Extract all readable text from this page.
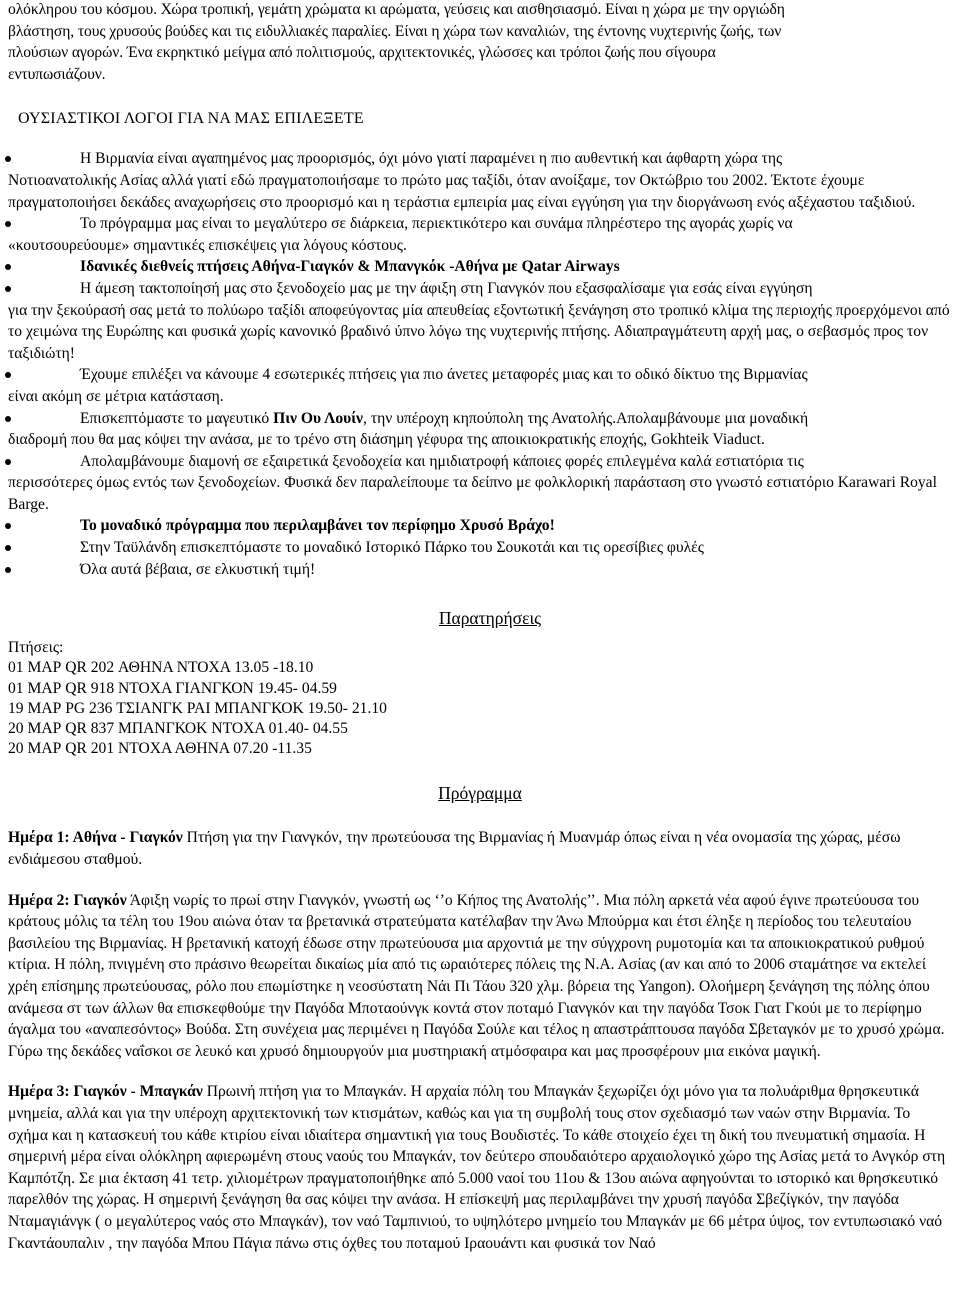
ολόκληρου του κόσμου. Χώρα τροπική, γεμάτη χρώματα κι αρώματα, γεύσεις και αισθησιασμό. Είναι η χώρα με την οργιώδη
βλάστηση, τους χρυσούς βούδες και τις ειδυλλιακές παραλίες. Είναι η χώρα των καναλιών, της έντονης νυχτερινής ζωής, των
πλούσιων αγορών. Ένα εκρηκτικό μείγμα από πολιτισμούς, αρχιτεκτονικές, γλώσσες και τρόποι ζωής που σίγουρα
εντυπωσιάζουν.
ΟΥΣΙΑΣΤΙΚΟΙ ΛΟΓΟΙ ΓΙΑ ΝΑ ΜΑΣ ΕΠΙΛΕΞΕΤΕ
Η Βιρμανία είναι αγαπημένος μας προορισμός, όχι μόνο γιατί παραμένει η πιο αυθεντική και άφθαρτη χώρα της
Νοτιοανατολικής Ασίας αλλά γιατί εδώ πραγματοποιήσαμε το πρώτο μας ταξίδι, όταν ανοίξαμε, τον Οκτώβριο του 2002. Έκτοτε έχουμε πραγματοποιήσει δεκάδες αναχωρήσεις στο προορισμό και η τεράστια εμπειρία μας είναι εγγύηση για την διοργάνωση ενός αξέχαστου ταξιδιού.
Το πρόγραμμα μας είναι το μεγαλύτερο σε διάρκεια, περιεκτικότερο και συνάμα πληρέστερο της αγοράς χωρίς να
«κουτσουρεύουμε» σημαντικές επισκέψεις για λόγους κόστους.
Ιδανικές διεθνείς πτήσεις Αθήνα-Γιαγκόν & Μπανγκόκ -Αθήνα με Qatar Airways
Η άμεση τακτοποίησή μας στο ξενοδοχείο μας με την άφιξη στη Γιανγκόν που εξασφαλίσαμε για εσάς είναι εγγύηση
για την ξεκούρασή σας μετά το πολύωρο ταξίδι αποφεύγοντας μία απευθείας εξοντωτική ξενάγηση στο τροπικό κλίμα της περιοχής προερχόμενοι από το χειμώνα της Ευρώπης και φυσικά χωρίς κανονικό βραδινό ύπνο λόγω της νυχτερινής πτήσης. Αδιαπραγμάτευτη αρχή μας, ο σεβασμός προς τον ταξιδιώτη!
Έχουμε επιλέξει να κάνουμε 4 εσωτερικές πτήσεις για πιο άνετες μεταφορές μιας και το οδικό δίκτυο της Βιρμανίας
είναι ακόμη σε μέτρια κατάσταση.
Επισκεπτόμαστε το μαγευτικό Πιν Ου Λουίν, την υπέροχη κηπούπολη της Ανατολής.Απολαμβάνουμε μια μοναδική
διαδρομή που θα μας κόψει την ανάσα, με το τρένο στη διάσημη γέφυρα της αποικιοκρατικής εποχής, Gokhteik Viaduct.
Απολαμβάνουμε διαμονή σε εξαιρετικά ξενοδοχεία και ημιδιατροφή κάποιες φορές επιλεγμένα καλά εστιατόρια τις
περισσότερες όμως εντός των ξενοδοχείων. Φυσικά δεν παραλείπουμε τα δείπνο με φολκλορική παράσταση στο γνωστό εστιατόριο Karawari Royal Barge.
Το μοναδικό πρόγραμμα που περιλαμβάνει τον περίφημο Χρυσό Βράχο!
Στην Ταϋλάνδη επισκεπτόμαστε το μοναδικό Ιστορικό Πάρκο του Σουκοτάι και τις ορεσίβιες φυλές
Όλα αυτά βέβαια, σε ελκυστική τιμή!
Παρατηρήσεις
Πτήσεις:
01 ΜΑΡ QR 202 ΑΘΗΝΑ ΝΤΟΧΑ 13.05 -18.10
01 ΜΑΡ QR 918 ΝΤΟΧΑ ΓΙΑΝΓΚΟΝ 19.45- 04.59
19 ΜΑΡ PG 236 ΤΣΙΑΝΓΚ ΡΑΙ ΜΠΑΝΓΚΟΚ 19.50- 21.10
20 ΜΑΡ QR 837 ΜΠΑΝΓΚΟΚ ΝΤΟΧΑ 01.40- 04.55
20 ΜΑΡ QR 201 ΝΤΟΧΑ ΑΘΗΝΑ 07.20 -11.35
Πρόγραμμα

Ημέρα 1: Αθήνα - Γιαγκόν Πτήση για την Γιανγκόν, την πρωτεύουσα της Βιρμανίας ή Μυανμάρ όπως είναι η νέα ονομασία της χώρας, μέσω ενδιάμεσου σταθμού.

Ημέρα 2: Γιαγκόν Άφιξη νωρίς το πρωί στην Γιανγκόν, γνωστή ως ‘’ο Κήπος της Ανατολής’’. Μια πόλη αρκετά νέα αφού έγινε πρωτεύουσα του κράτους μόλις τα τέλη του 19ου αιώνα όταν τα βρετανικά στρατεύματα κατέλαβαν την Άνω Μπούρμα και έτσι έληξε η περίοδος του τελευταίου βασιλείου της Βιρμανίας. Η βρετανική κατοχή έδωσε στην πρωτεύουσα μια αρχοντιά με την σύγχρονη ρυμοτομία και τα αποικιοκρατικού ρυθμού κτίρια. Η πόλη, πνιγμένη στο πράσινο θεωρείται δικαίως μία από τις ωραιότερες πόλεις της Ν.Α. Ασίας (αν και από το 2006 σταμάτησε να εκτελεί χρέη επίσημης πρωτεύουσας, ρόλο που επωμίστηκε η νεοσύστατη Νάι Πι Τάου 320 χλμ. βόρεια της Yangon). Ολοήμερη ξενάγηση της πόλης όπου ανάμεσα στ των άλλων θα επισκεφθούμε την Παγόδα Μποταούνγκ κοντά στον ποταμό Γιανγκόν και την παγόδα Τσοκ Γιατ Γκούι με το περίφημο άγαλμα του «αναπεσόντος» Βούδα. Στη συνέχεια μας περιμένει η Παγόδα Σούλε και τέλος η απαστράπτουσα παγόδα Σβεταγκόν με το χρυσό χρώμα. Γύρω της δεκάδες ναΐσκοι σε λευκό και χρυσό δημιουργούν μια μυστηριακή ατμόσφαιρα και μας προσφέρουν μια εικόνα μαγική.

Ημέρα 3: Γιαγκόν - Μπαγκάν Πρωινή πτήση για το Μπαγκάν. Η αρχαία πόλη του Μπαγκάν ξεχωρίζει όχι μόνο για τα πολυάριθμα θρησκευτικά μνημεία, αλλά και για την υπέροχη αρχιτεκτονική των κτισμάτων, καθώς και για τη συμβολή τους στον σχεδιασμό των ναών στην Βιρμανία. Το σχήμα και η κατασκευή του κάθε κτιρίου είναι ιδιαίτερα σημαντική για τους Βουδιστές. Το κάθε στοιχείο έχει τη δική του πνευματική σημασία. Η σημερινή μέρα είναι ολόκληρη αφιερωμένη στους ναούς του Μπαγκάν, τον δεύτερο σπουδαιότερο αρχαιολογικό χώρο της Ασίας μετά το Ανγκόρ στη Καμπότζη. Σε μια έκταση 41 τετρ. χιλιομέτρων πραγματοποιήθηκε από 5.000 ναοί του 11ου & 13ου αιώνα αφηγούνται το ιστορικό και θρησκευτικό παρελθόν της χώρας. Η σημερινή ξενάγηση θα σας κόψει την ανάσα. Η επίσκεψή μας περιλαμβάνει την χρυσή παγόδα Σβεζίγκόν, την παγόδα Νταμαγιάνγκ ( ο μεγαλύτερος ναός στο Μπαγκάν), τον ναό Ταμπινιού, το υψηλότερο μνημείο του Μπαγκάν με 66 μέτρα ύψος, τον εντυπωσιακό ναό Γκαντάουπαλιν , την παγόδα Μπου Πάγια πάνω στις όχθες του ποταμού Ιραουάντι και φυσικά τον Ναό
